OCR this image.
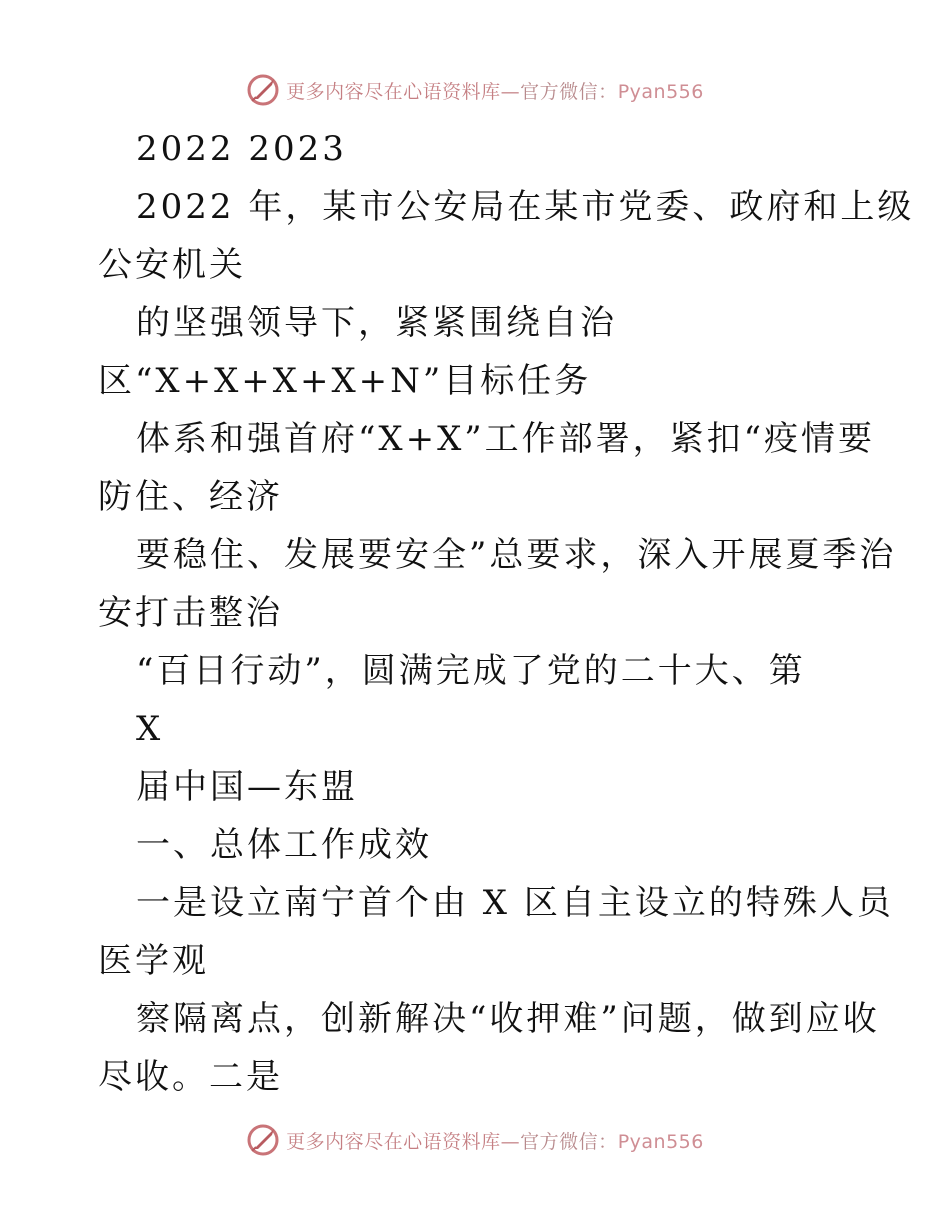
更多内容尽在心语资料库—官方微信：Pyan556
2022 2023
2022 年，某市公安局在某市党委、政府和上级
公安机关
的坚强领导下，紧紧围绕自治
区“X+X+X+X+N”目标任务
体系和强首府“X+X”工作部署，紧扣“疫情要
防住、经济
要稳住、发展要安全”总要求，深入开展夏季治
安打击整治
“百日行动”，圆满完成了党的二十大、第
X
届中国—东盟
一、总体工作成效
一是设立南宁首个由 X 区自主设立的特殊人员
医学观
察隔离点，创新解决“收押难”问题，做到应收
尽收。二是
更多内容尽在心语资料库—官方微信：Pyan556
